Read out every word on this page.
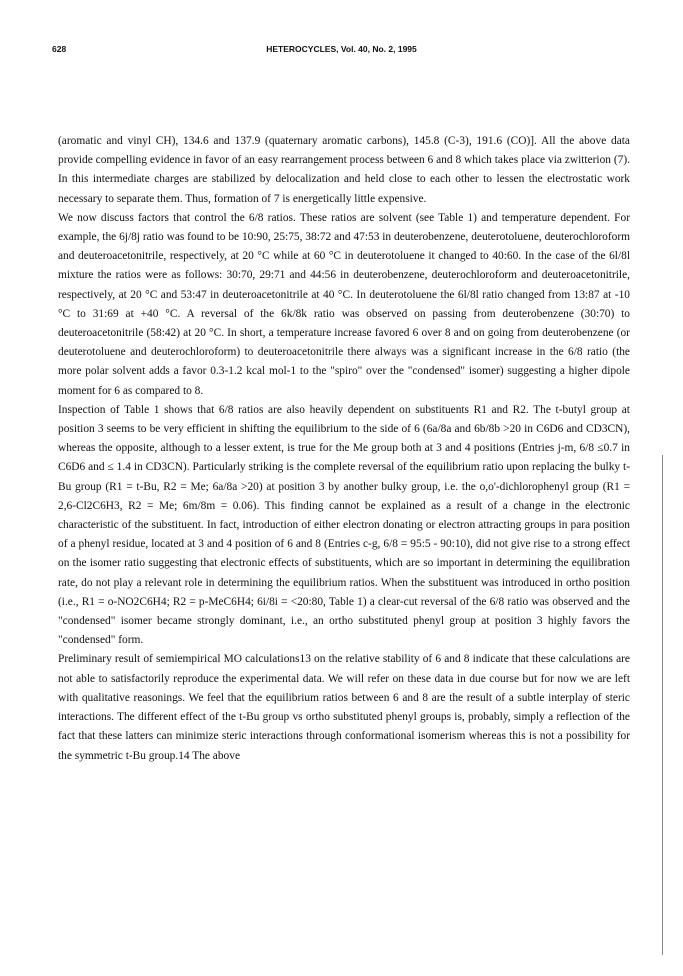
628	HETEROCYCLES, Vol. 40, No. 2, 1995

(aromatic and vinyl CH), 134.6 and 137.9 (quaternary aromatic carbons), 145.8 (C-3), 191.6 (CO)]. All the above data provide compelling evidence in favor of an easy rearrangement process between 6 and 8 which takes place via zwitterion (7). In this intermediate charges are stabilized by delocalization and held close to each other to lessen the electrostatic work necessary to separate them. Thus, formation of 7 is energetically little expensive.

We now discuss factors that control the 6/8 ratios. These ratios are solvent (see Table 1) and temperature dependent. For example, the 6j/8j ratio was found to be 10:90, 25:75, 38:72 and 47:53 in deuterobenzene, deuterotoluene, deuterochloroform and deuteroacetonitrile, respectively, at 20 °C while at 60 °C in deuterotoluene it changed to 40:60. In the case of the 6l/8l mixture the ratios were as follows: 30:70, 29:71 and 44:56 in deuterobenzene, deuterochloroform and deuteroacetonitrile, respectively, at 20 °C and 53:47 in deuteroacetonitrile at 40 °C. In deuterotoluene the 6l/8l ratio changed from 13:87 at -10 °C to 31:69 at +40 °C. A reversal of the 6k/8k ratio was observed on passing from deuterobenzene (30:70) to deuteroacetonitrile (58:42) at 20 °C. In short, a temperature increase favored 6 over 8 and on going from deuterobenzene (or deuterotoluene and deuterochloroform) to deuteroacetonitrile there always was a significant increase in the 6/8 ratio (the more polar solvent adds a favor 0.3-1.2 kcal mol-1 to the "spiro" over the "condensed" isomer) suggesting a higher dipole moment for 6 as compared to 8.

Inspection of Table 1 shows that 6/8 ratios are also heavily dependent on substituents R1 and R2. The t-butyl group at position 3 seems to be very efficient in shifting the equilibrium to the side of 6 (6a/8a and 6b/8b >20 in C6D6 and CD3CN), whereas the opposite, although to a lesser extent, is true for the Me group both at 3 and 4 positions (Entries j-m, 6/8 ≤0.7 in C6D6 and ≤ 1.4 in CD3CN). Particularly striking is the complete reversal of the equilibrium ratio upon replacing the bulky t-Bu group (R1 = t-Bu, R2 = Me; 6a/8a >20) at position 3 by another bulky group, i.e. the o,o'-dichlorophenyl group (R1 = 2,6-Cl2C6H3, R2 = Me; 6m/8m = 0.06). This finding cannot be explained as a result of a change in the electronic characteristic of the substituent. In fact, introduction of either electron donating or electron attracting groups in para position of a phenyl residue, located at 3 and 4 position of 6 and 8 (Entries c-g, 6/8 = 95:5 - 90:10), did not give rise to a strong effect on the isomer ratio suggesting that electronic effects of substituents, which are so important in determining the equilibration rate, do not play a relevant role in determining the equilibrium ratios. When the substituent was introduced in ortho position (i.e., R1 = o-NO2C6H4; R2 = p-MeC6H4; 6i/8i = <20:80, Table 1) a clear-cut reversal of the 6/8 ratio was observed and the "condensed" isomer became strongly dominant, i.e., an ortho substituted phenyl group at position 3 highly favors the "condensed" form.

Preliminary result of semiempirical MO calculations13 on the relative stability of 6 and 8 indicate that these calculations are not able to satisfactorily reproduce the experimental data. We will refer on these data in due course but for now we are left with qualitative reasonings. We feel that the equilibrium ratios between 6 and 8 are the result of a subtle interplay of steric interactions. The different effect of the t-Bu group vs ortho substituted phenyl groups is, probably, simply a reflection of the fact that these latters can minimize steric interactions through conformational isomerism whereas this is not a possibility for the symmetric t-Bu group.14 The above
